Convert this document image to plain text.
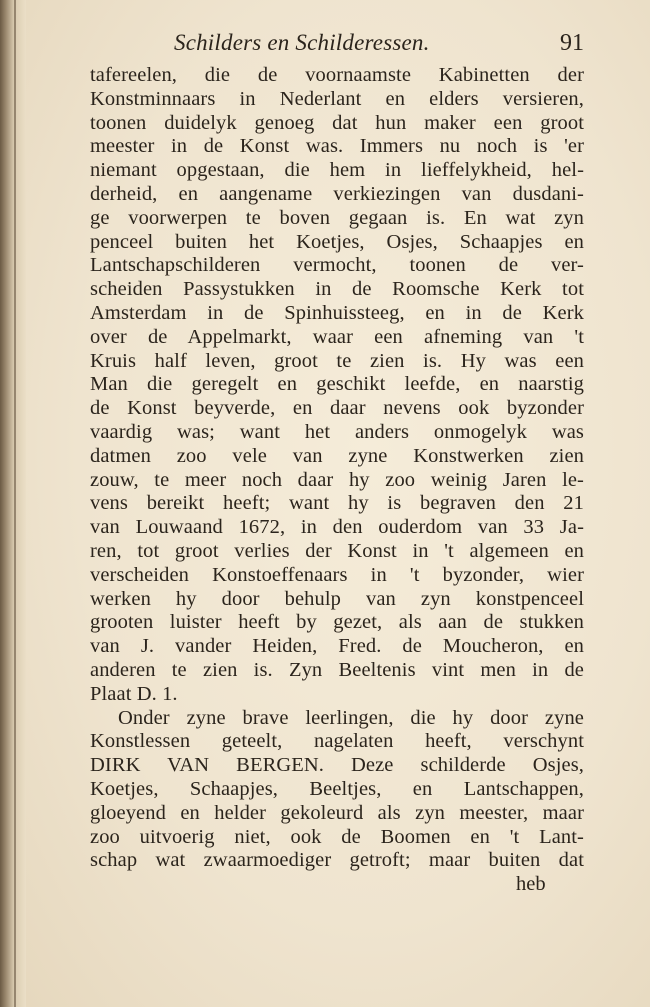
Schilders en Schilderessen.	91
tafereelen, die de voornaamste Kabinetten der
Konstminnaars in Nederlant en elders versieren,
toonen duidelyk genoeg dat hun maker een groot
meester in de Konst was. Immers nu noch is 'er
niemant opgestaan, die hem in lieffelykheid, hel-
derheid, en aangename verkiezingen van dusdani-
ge voorwerpen te boven gegaan is. En wat zyn
penceel buiten het Koetjes, Osjes, Schaapjes en
Lantschapschilderen vermocht, toonen de ver-
scheiden Passystukken in de Roomsche Kerk tot
Amsterdam in de Spinhuissteeg, en in de Kerk
over de Appelmarkt, waar een afneming van 't
Kruis half leven, groot te zien is. Hy was een
Man die geregelt en geschikt leefde, en naarstig
de Konst beyverde, en daar nevens ook byzonder
vaardig was; want het anders onmogelyk was
datmen zoo vele van zyne Konstwerken zien
zouw, te meer noch daar hy zoo weinig Jaren le-
vens bereikt heeft; want hy is begraven den 21
van Louwaand 1672, in den ouderdom van 33 Ja-
ren, tot groot verlies der Konst in 't algemeen en
verscheiden Konstoeffenaars in 't byzonder, wier
werken hy door behulp van zyn konstpenceel
grooten luister heeft by gezet, als aan de stukken
van J. vander Heiden, Fred. de Moucheron, en
anderen te zien is. Zyn Beeltenis vint men in de
Plaat D. 1.
Onder zyne brave leerlingen, die hy door zyne
Konstlessen geteelt, nagelaten heeft, verschynt
DIRK VAN BERGEN. Deze schilderde Osjes,
Koetjes, Schaapjes, Beeltjes, en Lantschappen,
gloeyend en helder gekoleurd als zyn meester, maar
zoo uitvoerig niet, ook de Boomen en 't Lant-
schap wat zwaarmoediger getroft; maar buiten dat
heb
